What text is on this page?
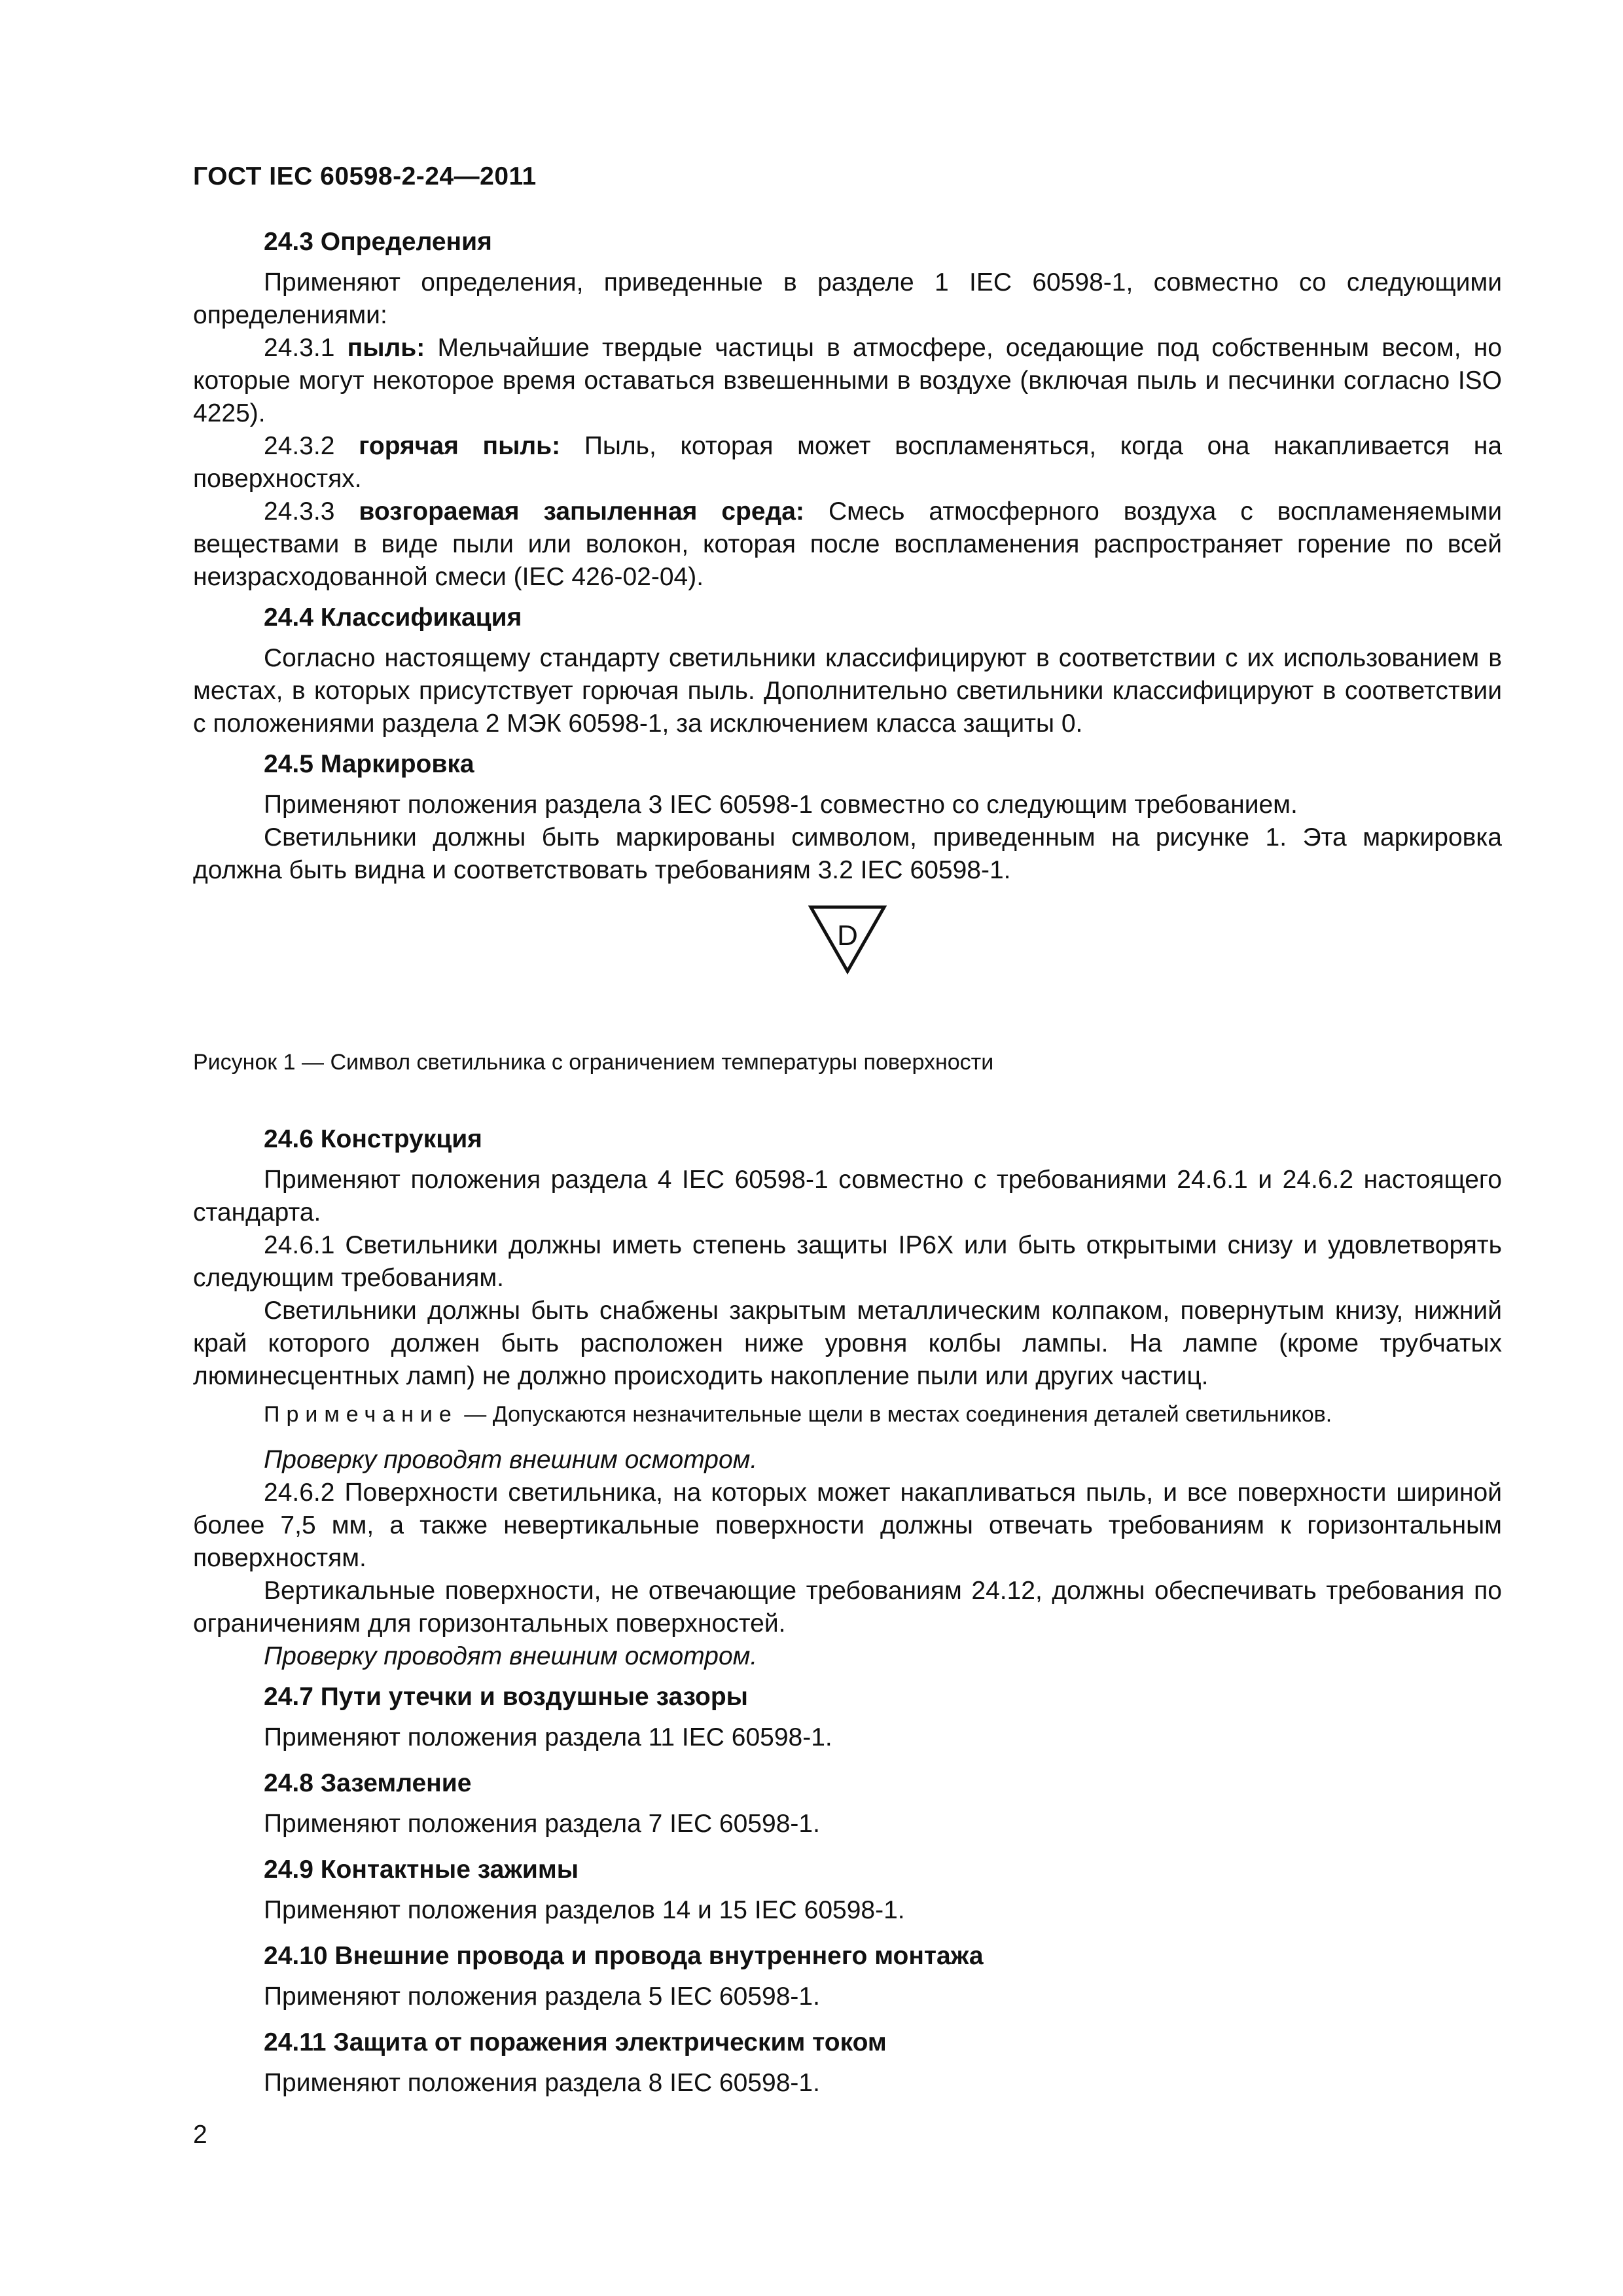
ГОСТ IEC 60598-2-24—2011
24.3 Определения

Применяют определения, приведенные в разделе 1 IEC 60598-1, совместно со следующими определениями:

24.3.1 пыль: Мельчайшие твердые частицы в атмосфере, оседающие под собственным весом, но которые могут некоторое время оставаться взвешенными в воздухе (включая пыль и песчинки согласно ISO 4225).

24.3.2 горячая пыль: Пыль, которая может воспламеняться, когда она накапливается на поверхностях.

24.3.3 возгораемая запыленная среда: Смесь атмосферного воздуха с воспламеняемыми веществами в виде пыли или волокон, которая после воспламенения распространяет горение по всей неизрасходованной смеси (IEC 426-02-04).

24.4 Классификация

Согласно настоящему стандарту светильники классифицируют в соответствии с их использованием в местах, в которых присутствует горючая пыль. Дополнительно светильники классифицируют в соответствии с положениями раздела 2 МЭК 60598-1, за исключением класса защиты 0.

24.5 Маркировка

Применяют положения раздела 3 IEC 60598-1 совместно со следующим требованием.

Светильники должны быть маркированы символом, приведенным на рисунке 1. Эта маркировка должна быть видна и соответствовать требованиям 3.2 IEC 60598-1.

D

Рисунок 1 — Символ светильника с ограничением температуры поверхности

24.6 Конструкция

Применяют положения раздела 4 IEC 60598-1 совместно с требованиями 24.6.1 и 24.6.2 настоящего стандарта.

24.6.1 Светильники должны иметь степень защиты IP6X или быть открытыми снизу и удовлетворять следующим требованиям.

Светильники должны быть снабжены закрытым металлическим колпаком, повернутым книзу, нижний край которого должен быть расположен ниже уровня колбы лампы. На лампе (кроме трубчатых люминесцентных ламп) не должно происходить накопление пыли или других частиц.

Примечание — Допускаются незначительные щели в местах соединения деталей светильников.

Проверку проводят внешним осмотром.

24.6.2 Поверхности светильника, на которых может накапливаться пыль, и все поверхности шириной более 7,5 мм, а также невертикальные поверхности должны отвечать требованиям к горизонтальным поверхностям.

Вертикальные поверхности, не отвечающие требованиям 24.12, должны обеспечивать требования по ограничениям для горизонтальных поверхностей.

Проверку проводят внешним осмотром.

24.7 Пути утечки и воздушные зазоры

Применяют положения раздела 11 IEC 60598-1.

24.8 Заземление

Применяют положения раздела 7 IEC 60598-1.

24.9 Контактные зажимы

Применяют положения разделов 14 и 15 IEC 60598-1.

24.10 Внешние провода и провода внутреннего монтажа

Применяют положения раздела 5 IEC 60598-1.

24.11 Защита от поражения электрическим током

Применяют положения раздела 8 IEC 60598-1.

2
